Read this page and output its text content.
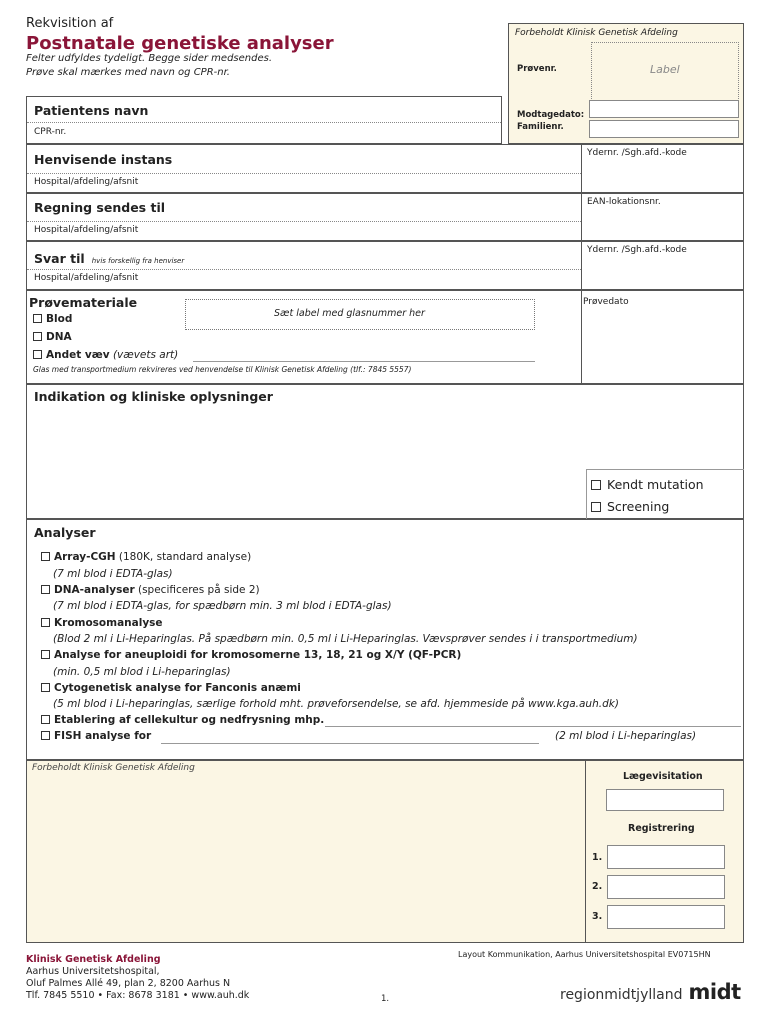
Rekvisition af
Postnatale genetiske analyser
Felter udfyldes tydeligt. Begge sider medsendes.
Prøve skal mærkes med navn og CPR-nr.
Forbeholdt Klinisk Genetisk Afdeling
Prøvenr.	Label
Modtagedato:
Familienr.
Patientens navn
CPR-nr.
Henvisende instans
Hospital/afdeling/afsnit
Ydernr. /Sgh.afd.-kode
Regning sendes til
Hospital/afdeling/afsnit
EAN-lokationsnr.
Svar til hvis forskellig fra henviser
Hospital/afdeling/afsnit
Ydernr. /Sgh.afd.-kode
Prøvemateriale
Sæt label med glasnummer her
Prøvedato
Blod
DNA
Andet væv (vævets art)
Glas med transportmedium rekvireres ved henvendelse til Klinisk Genetisk Afdeling (tlf.: 7845 5557)
Indikation og kliniske oplysninger
Kendt mutation
Screening
Analyser
Array-CGH (180K, standard analyse)
(7 ml blod i EDTA-glas)
DNA-analyser (specificeres på side 2)
(7 ml blod i EDTA-glas, for spædbørn min. 3 ml blod i EDTA-glas)
Kromosomanalyse
(Blod 2 ml i Li-Heparinglas. På spædbørn min. 0,5 ml i Li-Heparinglas. Vævsprøver sendes i i transportmedium)
Analyse for aneuploidi for kromosomerne 13, 18, 21 og X/Y (QF-PCR)
(min. 0,5 ml blod i Li-heparinglas)
Cytogenetisk analyse for Fanconis anæmi
(5 ml blod i Li-heparinglas, særlige forhold mht. prøveforsendelse, se afd. hjemmeside på www.kga.auh.dk)
Etablering af cellekultur og nedfrysning mhp.
FISH analyse for	(2 ml blod i Li-heparinglas)
Forbeholdt Klinisk Genetisk Afdeling
Lægevisitation
Registrering
1.
2.
3.
Klinisk Genetisk Afdeling
Aarhus Universitetshospital,
Oluf Palmes Allé 49, plan 2, 8200 Aarhus N
Tlf. 7845 5510 • Fax: 8678 3181 • www.auh.dk
Layout Kommunikation, Aarhus Universitetshospital EV0715HN
1.	regionmidtjylland midt
